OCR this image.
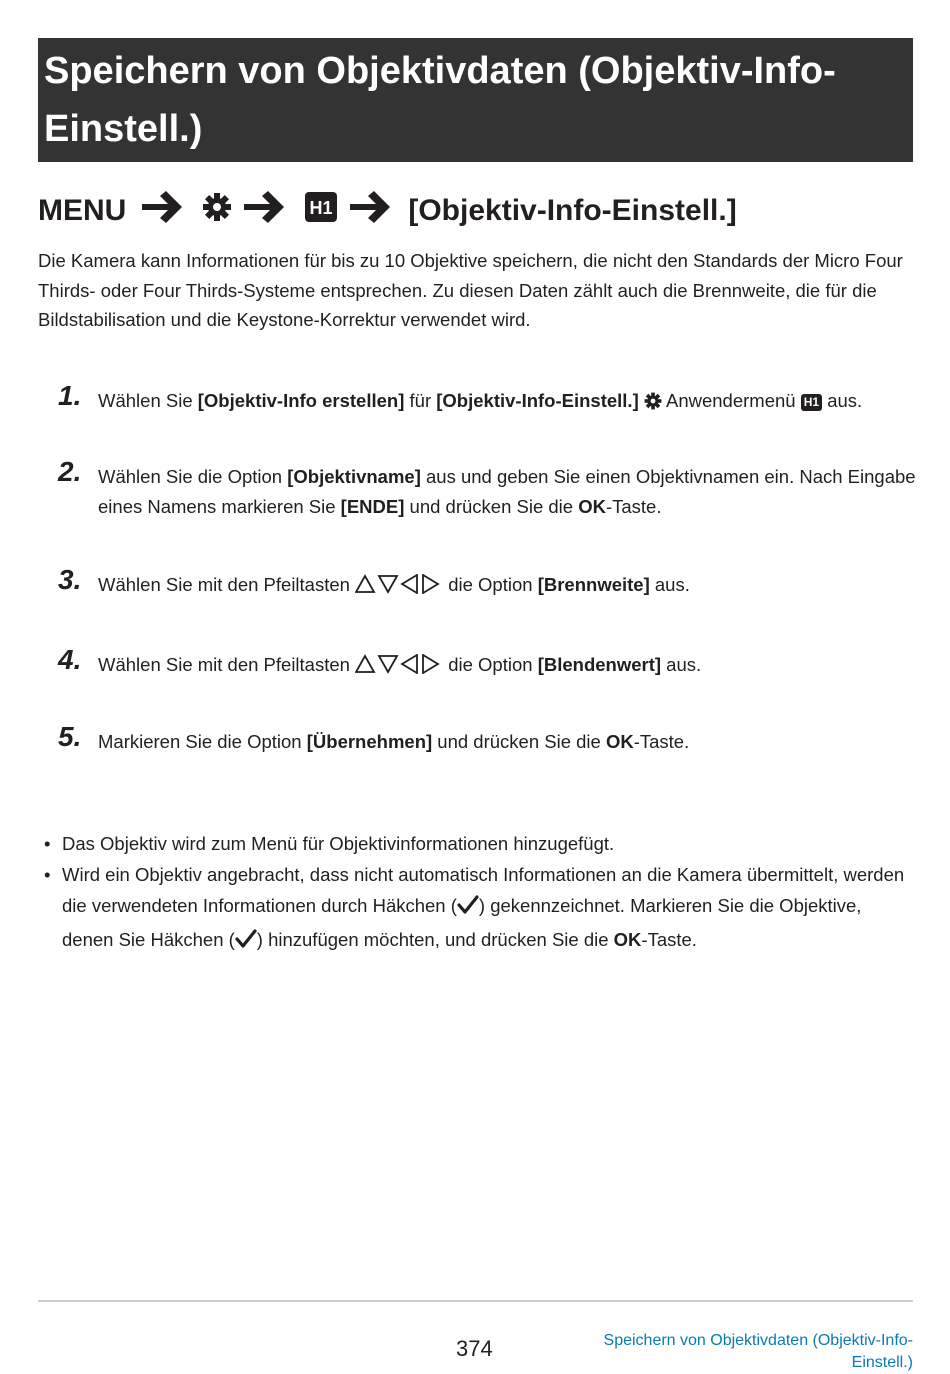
Speichern von Objektivdaten (Objektiv-Info-
Einstell.)
MENU	H1	[Objektiv-Info-Einstell.]

Die Kamera kann Informationen für bis zu 10 Objektive speichern, die nicht den Standards der Micro Four Thirds- oder Four Thirds-Systeme entsprechen. Zu diesen Daten zählt auch die Brennweite, die für die Bildstabilisation und die Keystone-Korrektur verwendet wird.

1. Wählen Sie [Objektiv-Info erstellen] für [Objektiv-Info-Einstell.]  Anwendermenü H1 aus.

2. Wählen Sie die Option [Objektivname] aus und geben Sie einen Objektivnamen ein. Nach Eingabe eines Namens markieren Sie [ENDE] und drücken Sie die OK-Taste.

3. Wählen Sie mit den Pfeiltasten	die Option [Brennweite] aus.

4. Wählen Sie mit den Pfeiltasten	die Option [Blendenwert] aus.

5. Markieren Sie die Option [Übernehmen] und drücken Sie die OK-Taste.

• Das Objektiv wird zum Menü für Objektivinformationen hinzugefügt.
• Wird ein Objektiv angebracht, dass nicht automatisch Informationen an die Kamera übermittelt, werden die verwendeten Informationen durch Häkchen ( ) gekennzeichnet. Markieren Sie die Objektive, denen Sie Häkchen ( ) hinzufügen möchten, und drücken Sie die OK-Taste.
374	Speichern von Objektivdaten (Objektiv-Info-
Einstell.)
